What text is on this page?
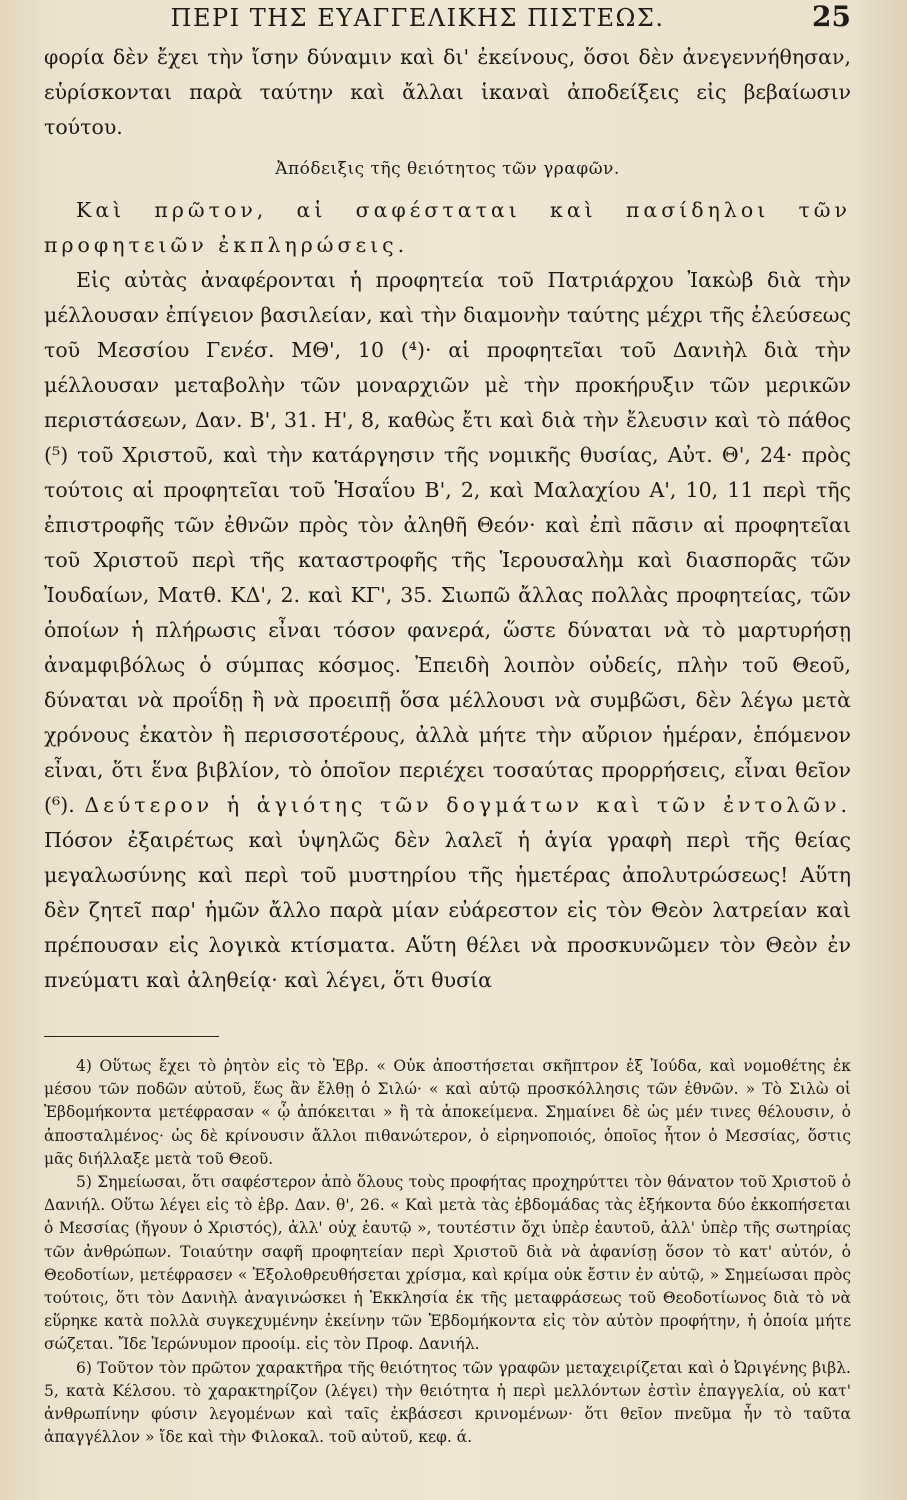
ΠΕΡΙ ΤΗΣ ΕΥΑΓΓΕΛΙΚΗΣ ΠΙΣΤΕΩΣ.	25

φορία δὲν ἔχει τὴν ἴσην δύναμιν καὶ δι' ἐκείνους, ὅσοι δὲν ἀνεγεννήθησαν, εὑρίσκονται παρὰ ταύτην καὶ ἄλλαι ἱκαναὶ ἀποδείξεις εἰς βεβαίωσιν τούτου.

Ἀπόδειξις τῆς θειότητος τῶν γραφῶν.

Καὶ πρῶτον, αἱ σαφέσταται καὶ πασίδηλοι τῶν προφητειῶν ἐκπληρώσεις.

Εἰς αὐτὰς ἀναφέρονται ἡ προφητεία τοῦ Πατριάρχου Ἰακὼβ διὰ τὴν μέλλουσαν ἐπίγειον βασιλείαν, καὶ τὴν διαμονὴν ταύτης μέχρι τῆς ἐλεύσεως τοῦ Μεσσίου Γενέσ. ΜΘ', 10 (⁴)· αἱ προφητεῖαι τοῦ Δανιὴλ διὰ τὴν μέλλουσαν μεταβολὴν τῶν μοναρχιῶν μὲ τὴν προκήρυξιν τῶν μερικῶν περιστάσεων, Δαν. Β', 31. Η', 8, καθὼς ἔτι καὶ διὰ τὴν ἔλευσιν καὶ τὸ πάθος (⁵) τοῦ Χριστοῦ, καὶ τὴν κατάργησιν τῆς νομικῆς θυσίας, Αὐτ. Θ', 24· πρὸς τούτοις αἱ προφητεῖαι τοῦ Ἡσαΐου Β', 2, καὶ Μαλαχίου Α', 10, 11 περὶ τῆς ἐπιστροφῆς τῶν ἐθνῶν πρὸς τὸν ἀληθῆ Θεόν· καὶ ἐπὶ πᾶσιν αἱ προφητεῖαι τοῦ Χριστοῦ περὶ τῆς καταστροφῆς τῆς Ἱερουσαλὴμ καὶ διασπορᾶς τῶν Ἰουδαίων, Ματθ. ΚΔ', 2. καὶ ΚΓ', 35. Σιωπῶ ἄλλας πολλὰς προφητείας, τῶν ὁποίων ἡ πλήρωσις εἶναι τόσον φανερά, ὥστε δύναται νὰ τὸ μαρτυρήσῃ ἀναμφιβόλως ὁ σύμπας κόσμος. Ἐπειδὴ λοιπὸν οὐδείς, πλὴν τοῦ Θεοῦ, δύναται νὰ προΐδῃ ἢ νὰ προειπῇ ὅσα μέλλουσι νὰ συμβῶσι, δὲν λέγω μετὰ χρόνους ἑκατὸν ἢ περισσοτέρους, ἀλλὰ μήτε τὴν αὔριον ἡμέραν, ἑπόμενον εἶναι, ὅτι ἕνα βιβλίον, τὸ ὁποῖον περιέχει τοσαύτας προρρήσεις, εἶναι θεῖον (⁶). Δεύτερον ἡ ἁγιότης τῶν δογμάτων καὶ τῶν ἐντολῶν. Πόσον ἐξαιρέτως καὶ ὑψηλῶς δὲν λαλεῖ ἡ ἁγία γραφὴ περὶ τῆς θείας μεγαλωσύνης καὶ περὶ τοῦ μυστηρίου τῆς ἡμετέρας ἀπολυτρώσεως! Αὕτη δὲν ζητεῖ παρ' ἡμῶν ἄλλο παρὰ μίαν εὐάρεστον εἰς τὸν Θεὸν λατρείαν καὶ πρέπουσαν εἰς λογικὰ κτίσματα. Αὕτη θέλει νὰ προσκυνῶμεν τὸν Θεὸν ἐν πνεύματι καὶ ἀληθείᾳ· καὶ λέγει, ὅτι θυσία

4) Οὕτως ἔχει τὸ ῥητὸν εἰς τὸ Ἑβρ. « Οὐκ ἀποστήσεται σκῆπτρον ἐξ Ἰούδα, καὶ νομοθέτης ἐκ μέσου τῶν ποδῶν αὐτοῦ, ἕως ἂν ἔλθῃ ὁ Σιλώ· « καὶ αὐτῷ προσκόλλησις τῶν ἐθνῶν. » Τὸ Σιλὼ οἱ Ἑβδομήκοντα μετέφρασαν « ᾧ ἀπόκειται » ἢ τὰ ἀποκείμενα. Σημαίνει δὲ ὡς μέν τινες θέλουσιν, ὁ ἀποσταλμένος· ὡς δὲ κρίνουσιν ἄλλοι πιθανώτερον, ὁ εἰρηνοποιός, ὁποῖος ἦτον ὁ Μεσσίας, ὅστις μᾶς διήλλαξε μετὰ τοῦ Θεοῦ.

5) Σημείωσαι, ὅτι σαφέστερον ἀπὸ ὅλους τοὺς προφήτας προχηρύττει τὸν θάνατον τοῦ Χριστοῦ ὁ Δανιήλ. Οὕτω λέγει εἰς τὸ ἑβρ. Δαν. θ', 26. « Καὶ μετὰ τὰς ἑβδομάδας τὰς ἑξήκοντα δύο ἐκκοπήσεται ὁ Μεσσίας (ἤγουν ὁ Χριστός), ἀλλ' οὐχ ἑαυτῷ », τουτέστιν ὄχι ὑπὲρ ἑαυτοῦ, ἀλλ' ὑπὲρ τῆς σωτηρίας τῶν ἀνθρώπων. Τοιαύτην σαφῆ προφητείαν περὶ Χριστοῦ διὰ νὰ ἀφανίσῃ ὅσον τὸ κατ' αὐτόν, ὁ Θεοδοτίων, μετέφρασεν « Ἐξολοθρευθήσεται χρίσμα, καὶ κρίμα οὐκ ἔστιν ἐν αὐτῷ, » Σημείωσαι πρὸς τούτοις, ὅτι τὸν Δανιὴλ ἀναγινώσκει ἡ Ἐκκλησία ἐκ τῆς μεταφράσεως τοῦ Θεοδοτίωνος διὰ τὸ νὰ εὕρηκε κατὰ πολλὰ συγκεχυμένην ἐκείνην τῶν Ἑβδομήκοντα εἰς τὸν αὐτὸν προφήτην, ἡ ὁποία μήτε σώζεται. Ἴδε Ἱερώνυμον προοίμ. εἰς τὸν Προφ. Δανιήλ.

6) Τοῦτον τὸν πρῶτον χαρακτῆρα τῆς θειότητος τῶν γραφῶν μεταχειρίζεται καὶ ὁ Ὠριγένης βιβλ. 5, κατὰ Κέλσου. τὸ χαρακτηρίζον (λέγει) τὴν θειότητα ἡ περὶ μελλόντων ἐστὶν ἐπαγγελία, οὐ κατ' ἀνθρωπίνην φύσιν λεγομένων καὶ ταῖς ἐκβάσεσι κρινομένων· ὅτι θεῖον πνεῦμα ἦν τὸ ταῦτα ἀπαγγέλλον » ἴδε καὶ τὴν Φιλοκαλ. τοῦ αὐτοῦ, κεφ. ά.
